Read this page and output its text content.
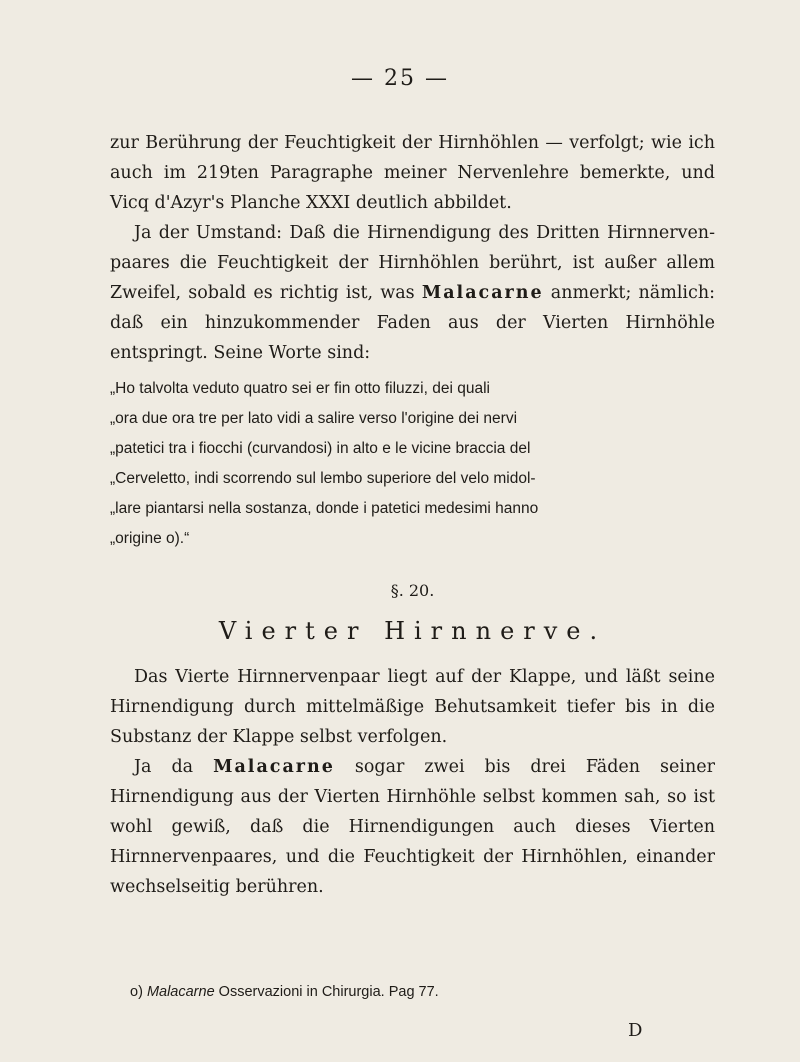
— 25 —

zur Berührung der Feuchtigkeit der Hirnhöhlen — verfolgt; wie ich auch im 219ten Paragraphe meiner Nervenlehre bemerkte, und Vicq d'Azyr's Planche XXXI deutlich abbildet.

Ja der Umstand: Daß die Hirnendigung des Dritten Hirnnerven-paares die Feuchtigkeit der Hirnhöhlen berührt, ist außer allem Zweifel, sobald es richtig ist, was Malacarne anmerkt; nämlich: daß ein hinzukommender Faden aus der Vierten Hirnhöhle entspringt. Seine Worte sind:

„Ho talvolta veduto quatro sei er fin otto filuzzi, dei quali

„ora due ora tre per lato vidi a salire verso l'origine dei nervi

„patetici tra i fiocchi (curvandosi) in alto e le vicine braccia del

„Cerveletto, indi scorrendo sul lembo superiore del velo midol-

„lare piantarsi nella sostanza, donde i patetici medesimi hanno

„origine o).“

§. 20.
Vierter Hirnnerve.

Das Vierte Hirnnervenpaar liegt auf der Klappe, und läßt seine Hirnendigung durch mittelmäßige Behutsamkeit tiefer bis in die Substanz der Klappe selbst verfolgen.

Ja da Malacarne sogar zwei bis drei Fäden seiner Hirnendigung aus der Vierten Hirnhöhle selbst kommen sah, so ist wohl gewiß, daß die Hirnendigungen auch dieses Vierten Hirnnervenpaares, und die Feuchtigkeit der Hirnhöhlen, einander wechselseitig berühren.

o) Malacarne Osservazioni in Chirurgia. Pag 77.
D
